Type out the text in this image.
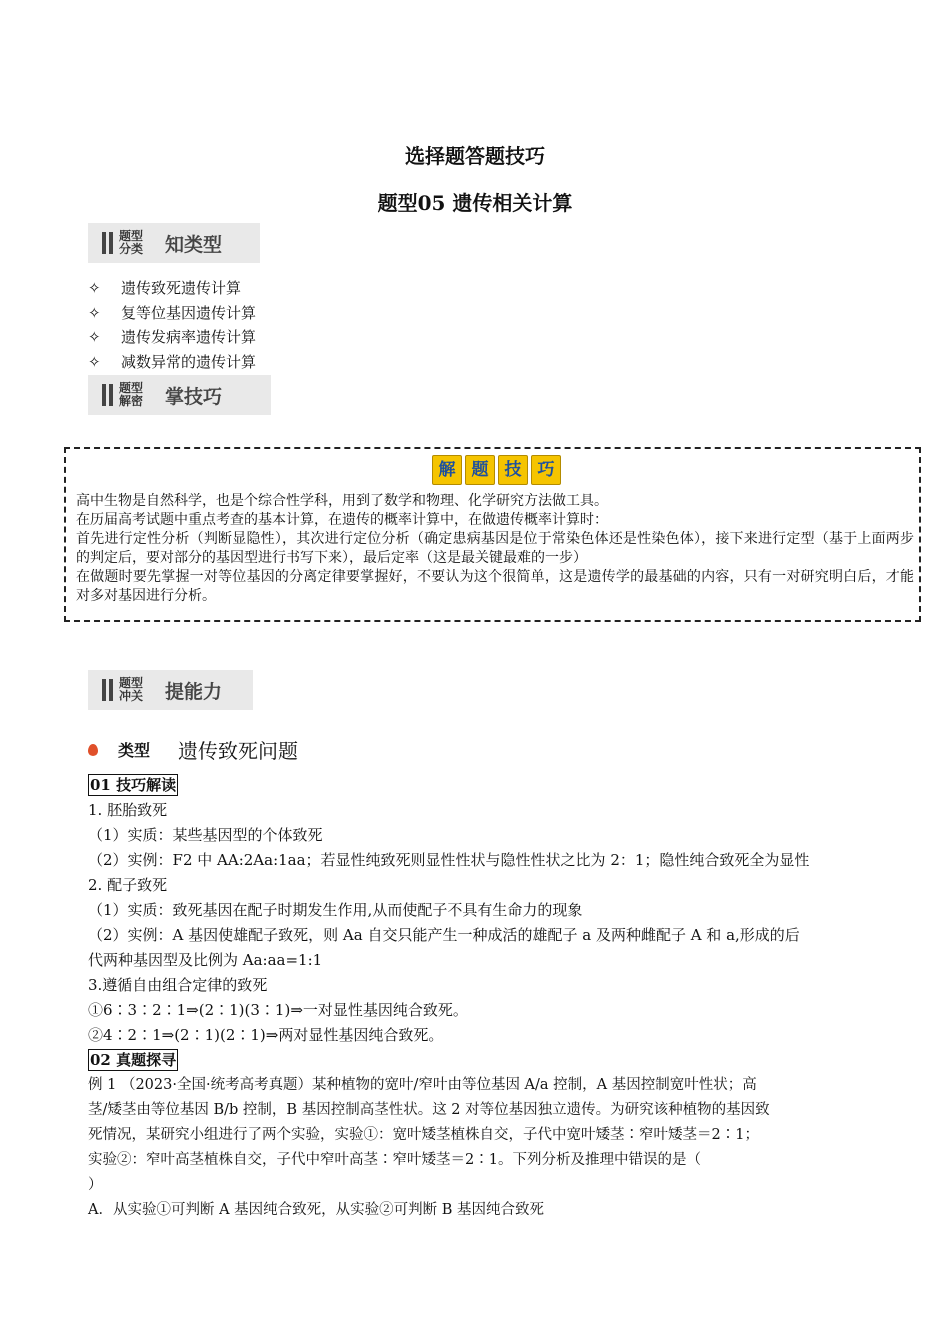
选择题答题技巧
题型05 遗传相关计算
题型分类 知类型
✧	遗传致死遗传计算
✧	复等位基因遗传计算
✧	遗传发病率遗传计算
✧	减数异常的遗传计算
题型解密 掌技巧
解 题 技 巧
高中生物是自然科学，也是个综合性学科，用到了数学和物理、化学研究方法做工具。
在历届高考试题中重点考查的基本计算，在遗传的概率计算中，在做遗传概率计算时：
首先进行定性分析（判断显隐性），其次进行定位分析（确定患病基因是位于常染色体还是性染色体），接下来进行定型（基于上面两步的判定后，要对部分的基因型进行书写下来），最后定率（这是最关键最难的一步）
在做题时要先掌握一对等位基因的分离定律要掌握好，不要认为这个很简单，这是遗传学的最基础的内容，只有一对研究明白后，才能对多对基因进行分析。
题型冲关 提能力
类型 遗传致死问题
01 技巧解读
1. 胚胎致死
（1）实质：某些基因型的个体致死
（2）实例：F2 中 AA:2Aa:1aa；若显性纯致死则显性性状与隐性性状之比为 2：1；隐性纯合致死全为显性
2. 配子致死
（1）实质：致死基因在配子时期发生作用,从而使配子不具有生命力的现象
（2）实例：A 基因使雄配子致死，则 Aa 自交只能产生一种成活的雄配子 a 及两种雌配子 A 和 a,形成的后
代两种基因型及比例为 Aa:aa=1:1
3.遵循自由组合定律的致死
①6∶3∶2∶1⇒(2∶1)(3∶1)⇒一对显性基因纯合致死。
②4∶2∶1⇒(2∶1)(2∶1)⇒两对显性基因纯合致死。
02 真题探寻
例 1 （2023·全国·统考高考真题）某种植物的宽叶/窄叶由等位基因 A/a 控制，A 基因控制宽叶性状；高
茎/矮茎由等位基因 B/b 控制，B 基因控制高茎性状。这 2 对等位基因独立遗传。为研究该种植物的基因致
死情况，某研究小组进行了两个实验，实验①：宽叶矮茎植株自交，子代中宽叶矮茎∶窄叶矮茎＝2∶1；
实验②：窄叶高茎植株自交，子代中窄叶高茎∶窄叶矮茎＝2∶1。下列分析及推理中错误的是（
）
A．从实验①可判断 A 基因纯合致死，从实验②可判断 B 基因纯合致死
